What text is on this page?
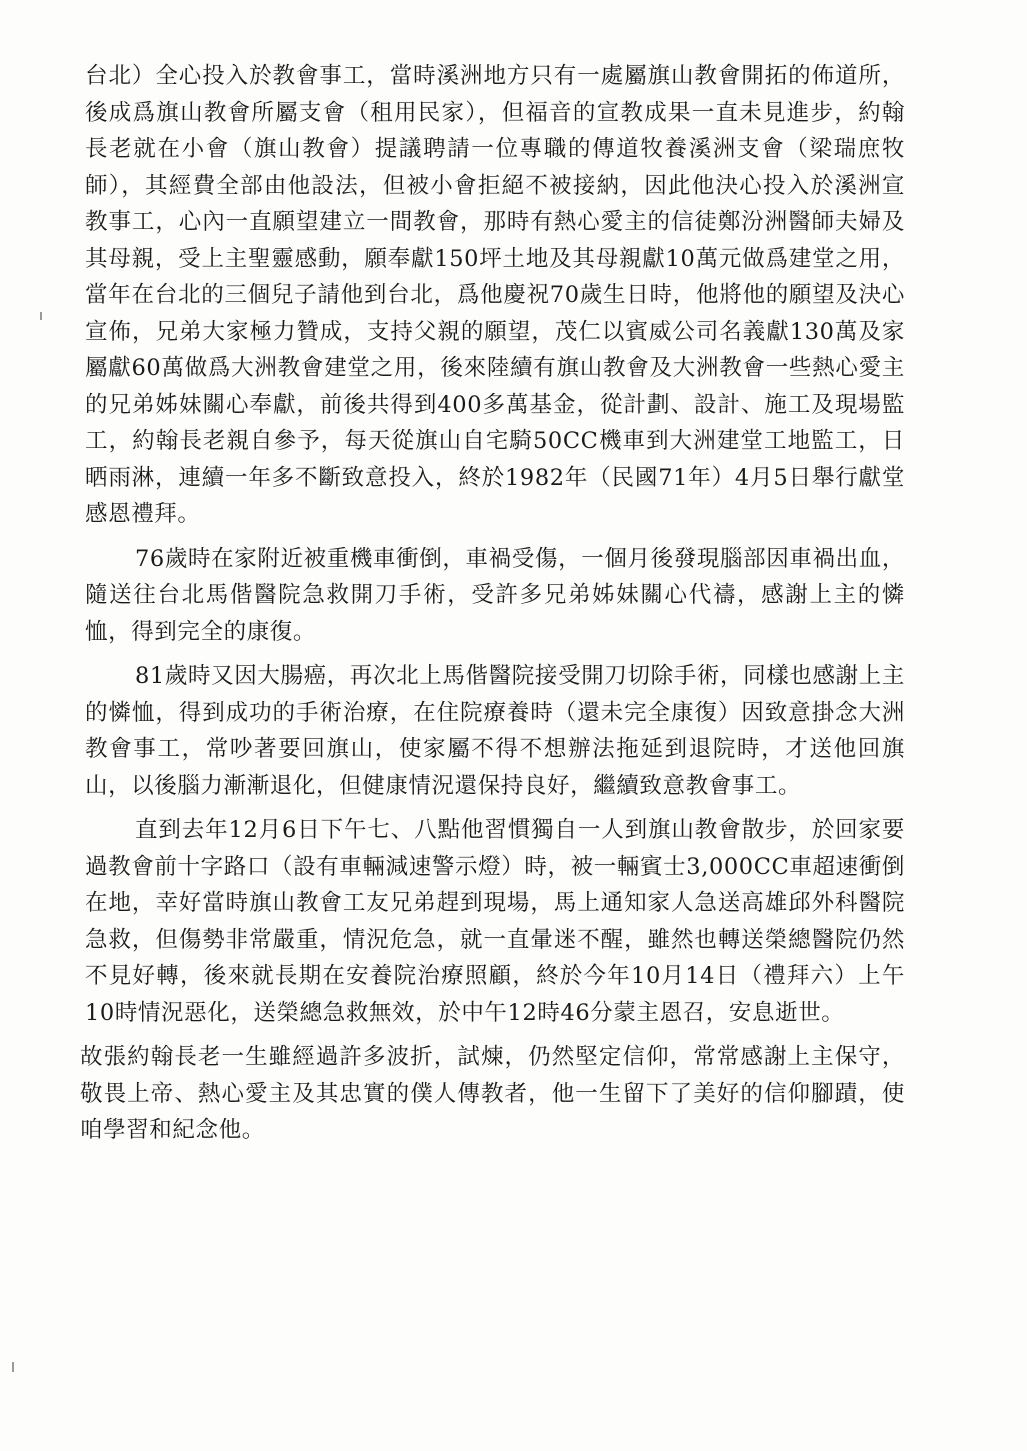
台北）全心投入於教會事工，當時溪洲地方只有一處屬旗山教會開拓的佈道所，後成爲旗山教會所屬支會（租用民家），但福音的宣教成果一直未見進步，約翰長老就在小會（旗山教會）提議聘請一位專職的傳道牧養溪洲支會（梁瑞庶牧師），其經費全部由他設法，但被小會拒絕不被接納，因此他決心投入於溪洲宣教事工，心內一直願望建立一間教會，那時有熱心愛主的信徒鄭汾洲醫師夫婦及其母親，受上主聖靈感動，願奉獻150坪土地及其母親獻10萬元做爲建堂之用，當年在台北的三個兒子請他到台北，爲他慶祝70歲生日時，他將他的願望及決心宣佈，兄弟大家極力贊成，支持父親的願望，茂仁以賓威公司名義獻130萬及家屬獻60萬做爲大洲教會建堂之用，後來陸續有旗山教會及大洲教會一些熱心愛主的兄弟姊妹關心奉獻，前後共得到400多萬基金，從計劃、設計、施工及現場監工，約翰長老親自參予，每天從旗山自宅騎50CC機車到大洲建堂工地監工，日晒雨淋，連續一年多不斷致意投入，終於1982年（民國71年）4月5日舉行獻堂感恩禮拜。

76歲時在家附近被重機車衝倒，車禍受傷，一個月後發現腦部因車禍出血，隨送往台北馬偕醫院急救開刀手術，受許多兄弟姊妹關心代禱，感謝上主的憐恤，得到完全的康復。

81歲時又因大腸癌，再次北上馬偕醫院接受開刀切除手術，同樣也感謝上主的憐恤，得到成功的手術治療，在住院療養時（還未完全康復）因致意掛念大洲教會事工，常吵著要回旗山，使家屬不得不想辦法拖延到退院時，才送他回旗山，以後腦力漸漸退化，但健康情況還保持良好，繼續致意教會事工。

直到去年12月6日下午七、八點他習慣獨自一人到旗山教會散步，於回家要過教會前十字路口（設有車輛減速警示燈）時，被一輛賓士3,000CC車超速衝倒在地，幸好當時旗山教會工友兄弟趕到現場，馬上通知家人急送高雄邱外科醫院急救，但傷勢非常嚴重，情況危急，就一直暈迷不醒，雖然也轉送榮總醫院仍然不見好轉，後來就長期在安養院治療照顧，終於今年10月14日（禮拜六）上午10時情況惡化，送榮總急救無效，於中午12時46分蒙主恩召，安息逝世。

故張約翰長老一生雖經過許多波折，試煉，仍然堅定信仰，常常感謝上主保守，敬畏上帝、熱心愛主及其忠實的僕人傳教者，他一生留下了美好的信仰腳蹟，使咱學習和紀念他。
